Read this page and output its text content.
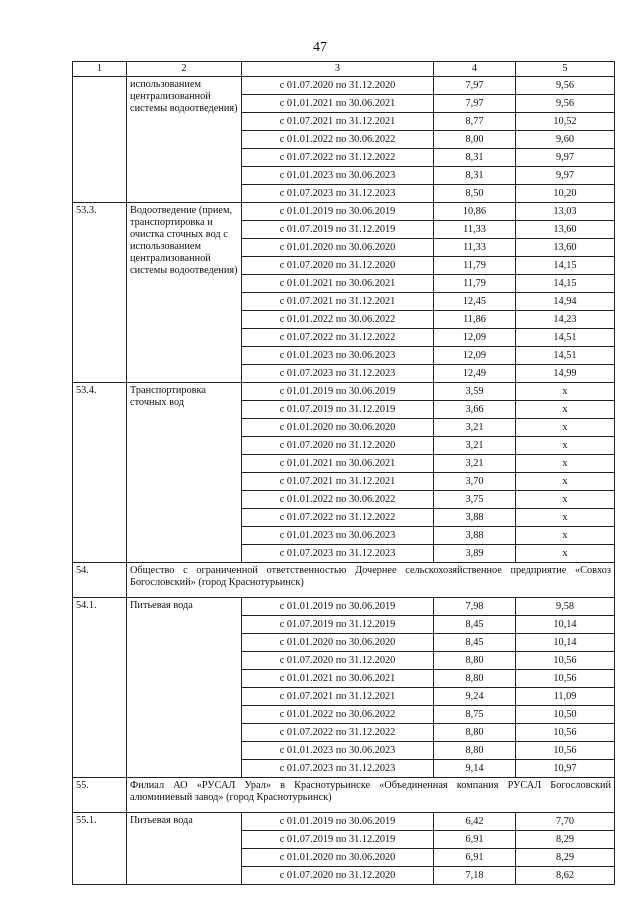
47
1	2	3	4	5
	использованием централизованной системы водоотведения)	с 01.07.2020 по 31.12.2020	7,97	9,56
		с 01.01.2021 по 30.06.2021	7,97	9,56
		с 01.07.2021 по 31.12.2021	8,77	10,52
		с 01.01.2022 по 30.06.2022	8,00	9,60
		с 01.07.2022 по 31.12.2022	8,31	9,97
		с 01.01.2023 по 30.06.2023	8,31	9,97
		с 01.07.2023 по 31.12.2023	8,50	10,20
53.3.	Водоотведение (прием, транспортировка и очистка сточных вод с использованием централизованной системы водоотведения)	с 01.01.2019 по 30.06.2019	10,86	13,03
		с 01.07.2019 по 31.12.2019	11,33	13,60
		с 01.01.2020 по 30.06.2020	11,33	13,60
		с 01.07.2020 по 31.12.2020	11,79	14,15
		с 01.01.2021 по 30.06.2021	11,79	14,15
		с 01.07.2021 по 31.12.2021	12,45	14,94
		с 01.01.2022 по 30.06.2022	11,86	14,23
		с 01.07.2022 по 31.12.2022	12,09	14,51
		с 01.01.2023 по 30.06.2023	12,09	14,51
		с 01.07.2023 по 31.12.2023	12,49	14,99
53.4.	Транспортировка сточных вод	с 01.01.2019 по 30.06.2019	3,59	x
		с 01.07.2019 по 31.12.2019	3,66	x
		с 01.01.2020 по 30.06.2020	3,21	x
		с 01.07.2020 по 31.12.2020	3,21	x
		с 01.01.2021 по 30.06.2021	3,21	x
		с 01.07.2021 по 31.12.2021	3,70	x
		с 01.01.2022 по 30.06.2022	3,75	x
		с 01.07.2022 по 31.12.2022	3,88	x
		с 01.01.2023 по 30.06.2023	3,88	x
		с 01.07.2023 по 31.12.2023	3,89	x
54.	Общество с ограниченной ответственностью Дочернее сельскохозяйственное предприятие «Совхоз Богословский» (город Краснотурьинск)			
54.1.	Питьевая вода	с 01.01.2019 по 30.06.2019	7,98	9,58
		с 01.07.2019 по 31.12.2019	8,45	10,14
		с 01.01.2020 по 30.06.2020	8,45	10,14
		с 01.07.2020 по 31.12.2020	8,80	10,56
		с 01.01.2021 по 30.06.2021	8,80	10,56
		с 01.07.2021 по 31.12.2021	9,24	11,09
		с 01.01.2022 по 30.06.2022	8,75	10,50
		с 01.07.2022 по 31.12.2022	8,80	10,56
		с 01.01.2023 по 30.06.2023	8,80	10,56
		с 01.07.2023 по 31.12.2023	9,14	10,97
55.	Филиал АО «РУСАЛ Урал» в Краснотурьинске «Объединенная компания РУСАЛ Богословский алюминиевый завод» (город Краснотурьинск)			
55.1.	Питьевая вода	с 01.01.2019 по 30.06.2019	6,42	7,70
		с 01.07.2019 по 31.12.2019	6,91	8,29
		с 01.01.2020 по 30.06.2020	6,91	8,29
		с 01.07.2020 по 31.12.2020	7,18	8,62
